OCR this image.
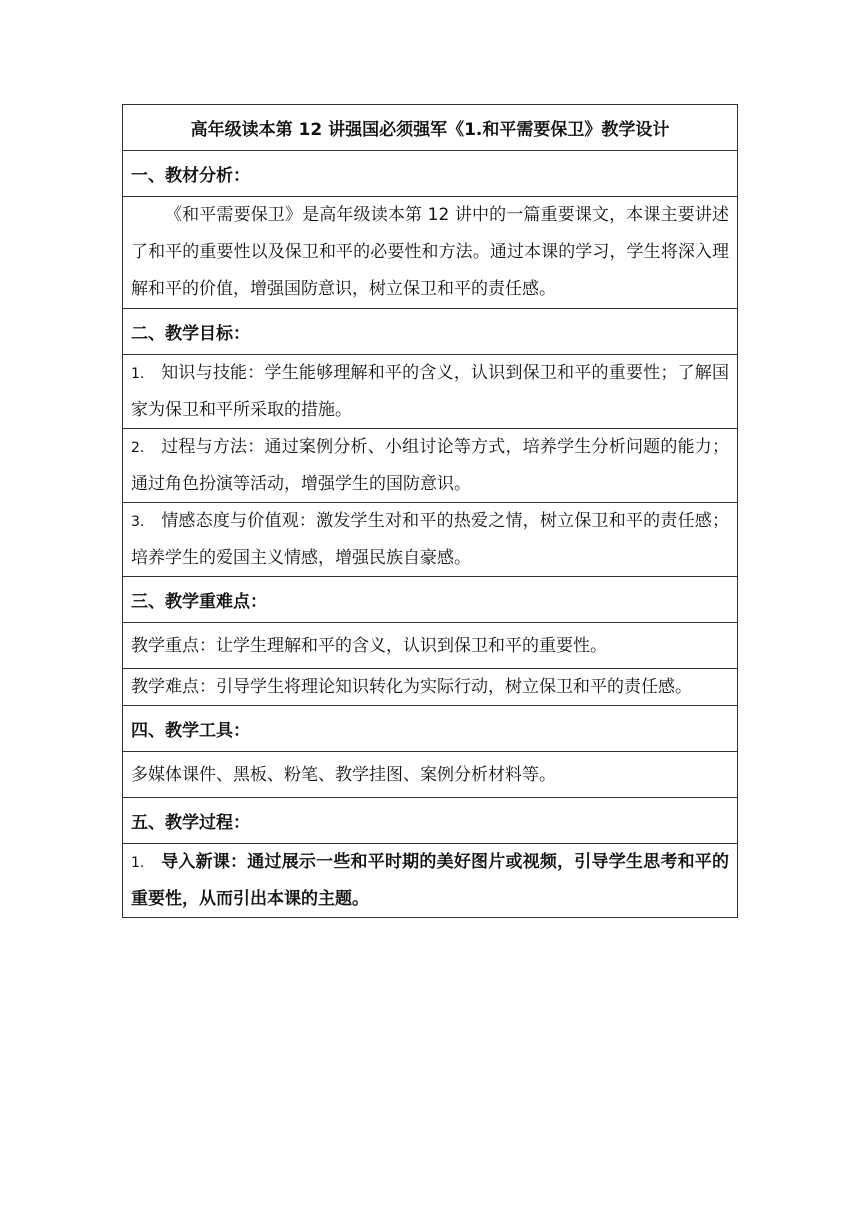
高年级读本第 12 讲强国必须强军《1.和平需要保卫》教学设计
一、教材分析：
《和平需要保卫》是高年级读本第 12 讲中的一篇重要课文，本课主要讲述了和平的重要性以及保卫和平的必要性和方法。通过本课的学习，学生将深入理解和平的价值，增强国防意识，树立保卫和平的责任感。
二、教学目标：
1. 知识与技能：学生能够理解和平的含义，认识到保卫和平的重要性；了解国家为保卫和平所采取的措施。
2. 过程与方法：通过案例分析、小组讨论等方式，培养学生分析问题的能力；通过角色扮演等活动，增强学生的国防意识。
3. 情感态度与价值观：激发学生对和平的热爱之情，树立保卫和平的责任感；培养学生的爱国主义情感，增强民族自豪感。
三、教学重难点：
教学重点：让学生理解和平的含义，认识到保卫和平的重要性。
教学难点：引导学生将理论知识转化为实际行动，树立保卫和平的责任感。
四、教学工具：
多媒体课件、黑板、粉笔、教学挂图、案例分析材料等。
五、教学过程：
1. 导入新课：通过展示一些和平时期的美好图片或视频，引导学生思考和平的重要性，从而引出本课的主题。
